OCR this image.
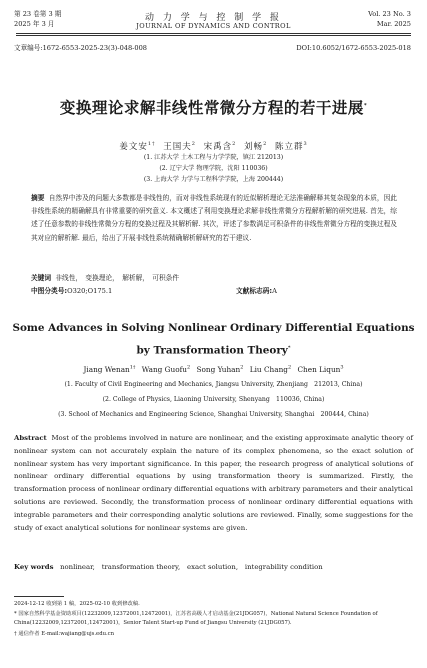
第 23 卷第 3 期
2025 年 3 月
动 力 学 与 控 制 学 报
JOURNAL OF DYNAMICS AND CONTROL
Vol. 23 No. 3
Mar. 2025
文章编号:1672-6553-2025-23(3)-048-008	DOI:10.6052/1672-6553-2025-018
变换理论求解非线性常微分方程的若干进展*
姜文安$^{1\dagger}$ 王国夫$^2$ 宋禹含$^2$ 刘畅$^2$ 陈立群$^3$
(1. 江苏大学 土木工程与力学学院，镇江 212013)
(2. 辽宁大学 物理学院，沈阳 110036)
(3. 上海大学 力学与工程科学学院，上海 200444)
摘要 自然界中涉及的问题大多数都是非线性的，而对非线性系统现有的近似解析理论无法准确解释其复杂现象的本质，因此非线性系统的精确解具有非常重要的研究意义. 本文概述了利用变换理论求解非线性常微分方程解析解的研究进展. 首先，综述了任意参数的非线性常微分方程的变换过程及其解析解. 其次，评述了参数满足可积条件的非线性常微分方程的变换过程及其对应的解析解. 最后，给出了开展非线性系统精确解析解研究的若干建议.
关键词 非线性，　变换理论，　解析解，　可积条件
中图分类号:O320;O175.1	文献标志码:A
Some Advances in Solving Nonlinear Ordinary Differential Equations
by Transformation Theory*
Jiang Wenan$^{1\dagger}$ Wang Guofu$^2$ Song Yuhan$^2$ Liu Chang$^2$ Chen Liqun$^3$
(1. Faculty of Civil Engineering and Mechanics, Jiangsu University, Zhenjiang　212013, China)
(2. College of Physics, Liaoning University, Shenyang　110036, China)
(3. School of Mechanics and Engineering Science, Shanghai University, Shanghai　200444, China)
Abstract Most of the problems involved in nature are nonlinear, and the existing approximate analytic theory of nonlinear system can not accurately explain the nature of its complex phenomena, so the exact solution of nonlinear system has very important significance. In this paper, the research progress of analytical solutions of nonlinear ordinary differential equations by using transformation theory is summarized. Firstly, the transformation process of nonlinear ordinary differential equations with arbitrary parameters and their analytical solutions are reviewed. Secondly, the transformation process of nonlinear ordinary differential equations with integrable parameters and their corresponding analytic solutions are reviewed. Finally, some suggestions for the study of exact analytical solutions for nonlinear systems are given.
Key words nonlinear,　transformation theory,　exact solution,　integrability condition
2024-12-12 收到第 1 稿，2025-02-10 收到修改稿.
* 国家自然科学基金资助项目(12232009,12372001,12472001)，江苏省高级人才启动基金(21JDG057)，National Natural Science Foundation of China(12232009,12372001,12472001)，Senior Talent Start-up Fund of Jiangsu University (21JDG057).
† 通信作者 E-mail:wajiang@ujs.edu.cn
